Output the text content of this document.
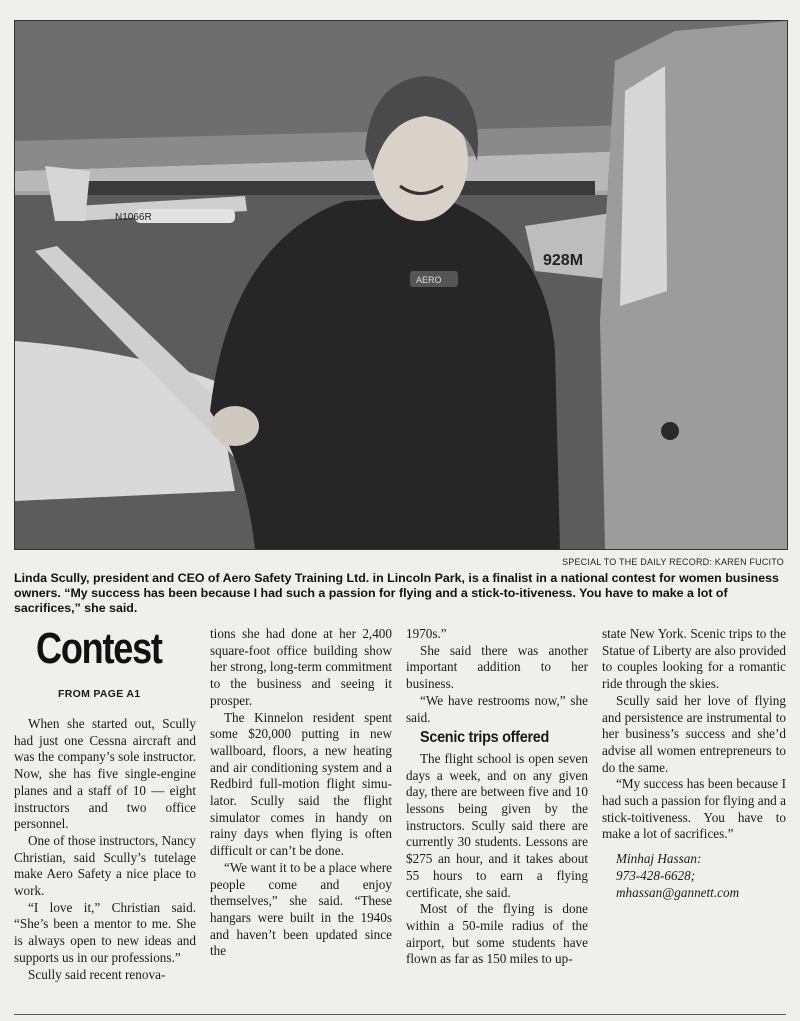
N1066R
928M
AERO
SPECIAL TO THE DAILY RECORD: KAREN FUCITO
Linda Scully, president and CEO of Aero Safety Training Ltd. in Lincoln Park, is a finalist in a national contest for women business owners. “My success has been because I had such a passion for flying and a stick-to-itiveness. You have to make a lot of sacrifices,” she said.
Contest
FROM PAGE A1

When she started out, Scully had just one Cessna aircraft and was the company’s sole instructor. Now, she has five single-engine planes and a staff of 10 — eight instructors and two office personnel.

One of those instructors, Nancy Christian, said Scully’s tutelage make Aero Safety a nice place to work.

“I love it,” Christian said. “She’s been a mentor to me. She is always open to new ideas and supports us in our professions.”

Scully said recent renova-

tions she had done at her 2,400 square-foot office building show her strong, long-term commitment to the business and seeing it prosper.

The Kinnelon resident spent some $20,000 putting in new wallboard, floors, a new heating and air conditioning system and a Redbird full-motion flight simulator. Scully said the flight simulator comes in handy on rainy days when flying is often difficult or can’t be done.

“We want it to be a place where people come and enjoy themselves,” she said. “These hangars were built in the 1940s and haven’t been updated since the

1970s.”

She said there was another important addition to her business.

“We have restrooms now,” she said.

Scenic trips offered

The flight school is open seven days a week, and on any given day, there are between five and 10 lessons being given by the instructors. Scully said there are currently 30 students. Lessons are $275 an hour, and it takes about 55 hours to earn a flying certificate, she said.

Most of the flying is done within a 50-mile radius of the airport, but some students have flown as far as 150 miles to up-

state New York. Scenic trips to the Statue of Liberty are also provided to couples looking for a romantic ride through the skies.

Scully said her love of flying and persistence are instrumental to her business’s success and she’d advise all women entrepreneurs to do the same.

“My success has been because I had such a passion for flying and a stick-toitiveness. You have to make a lot of sacrifices.”

Minhaj Hassan:

973-428-6628;

mhassan@gannett.com
